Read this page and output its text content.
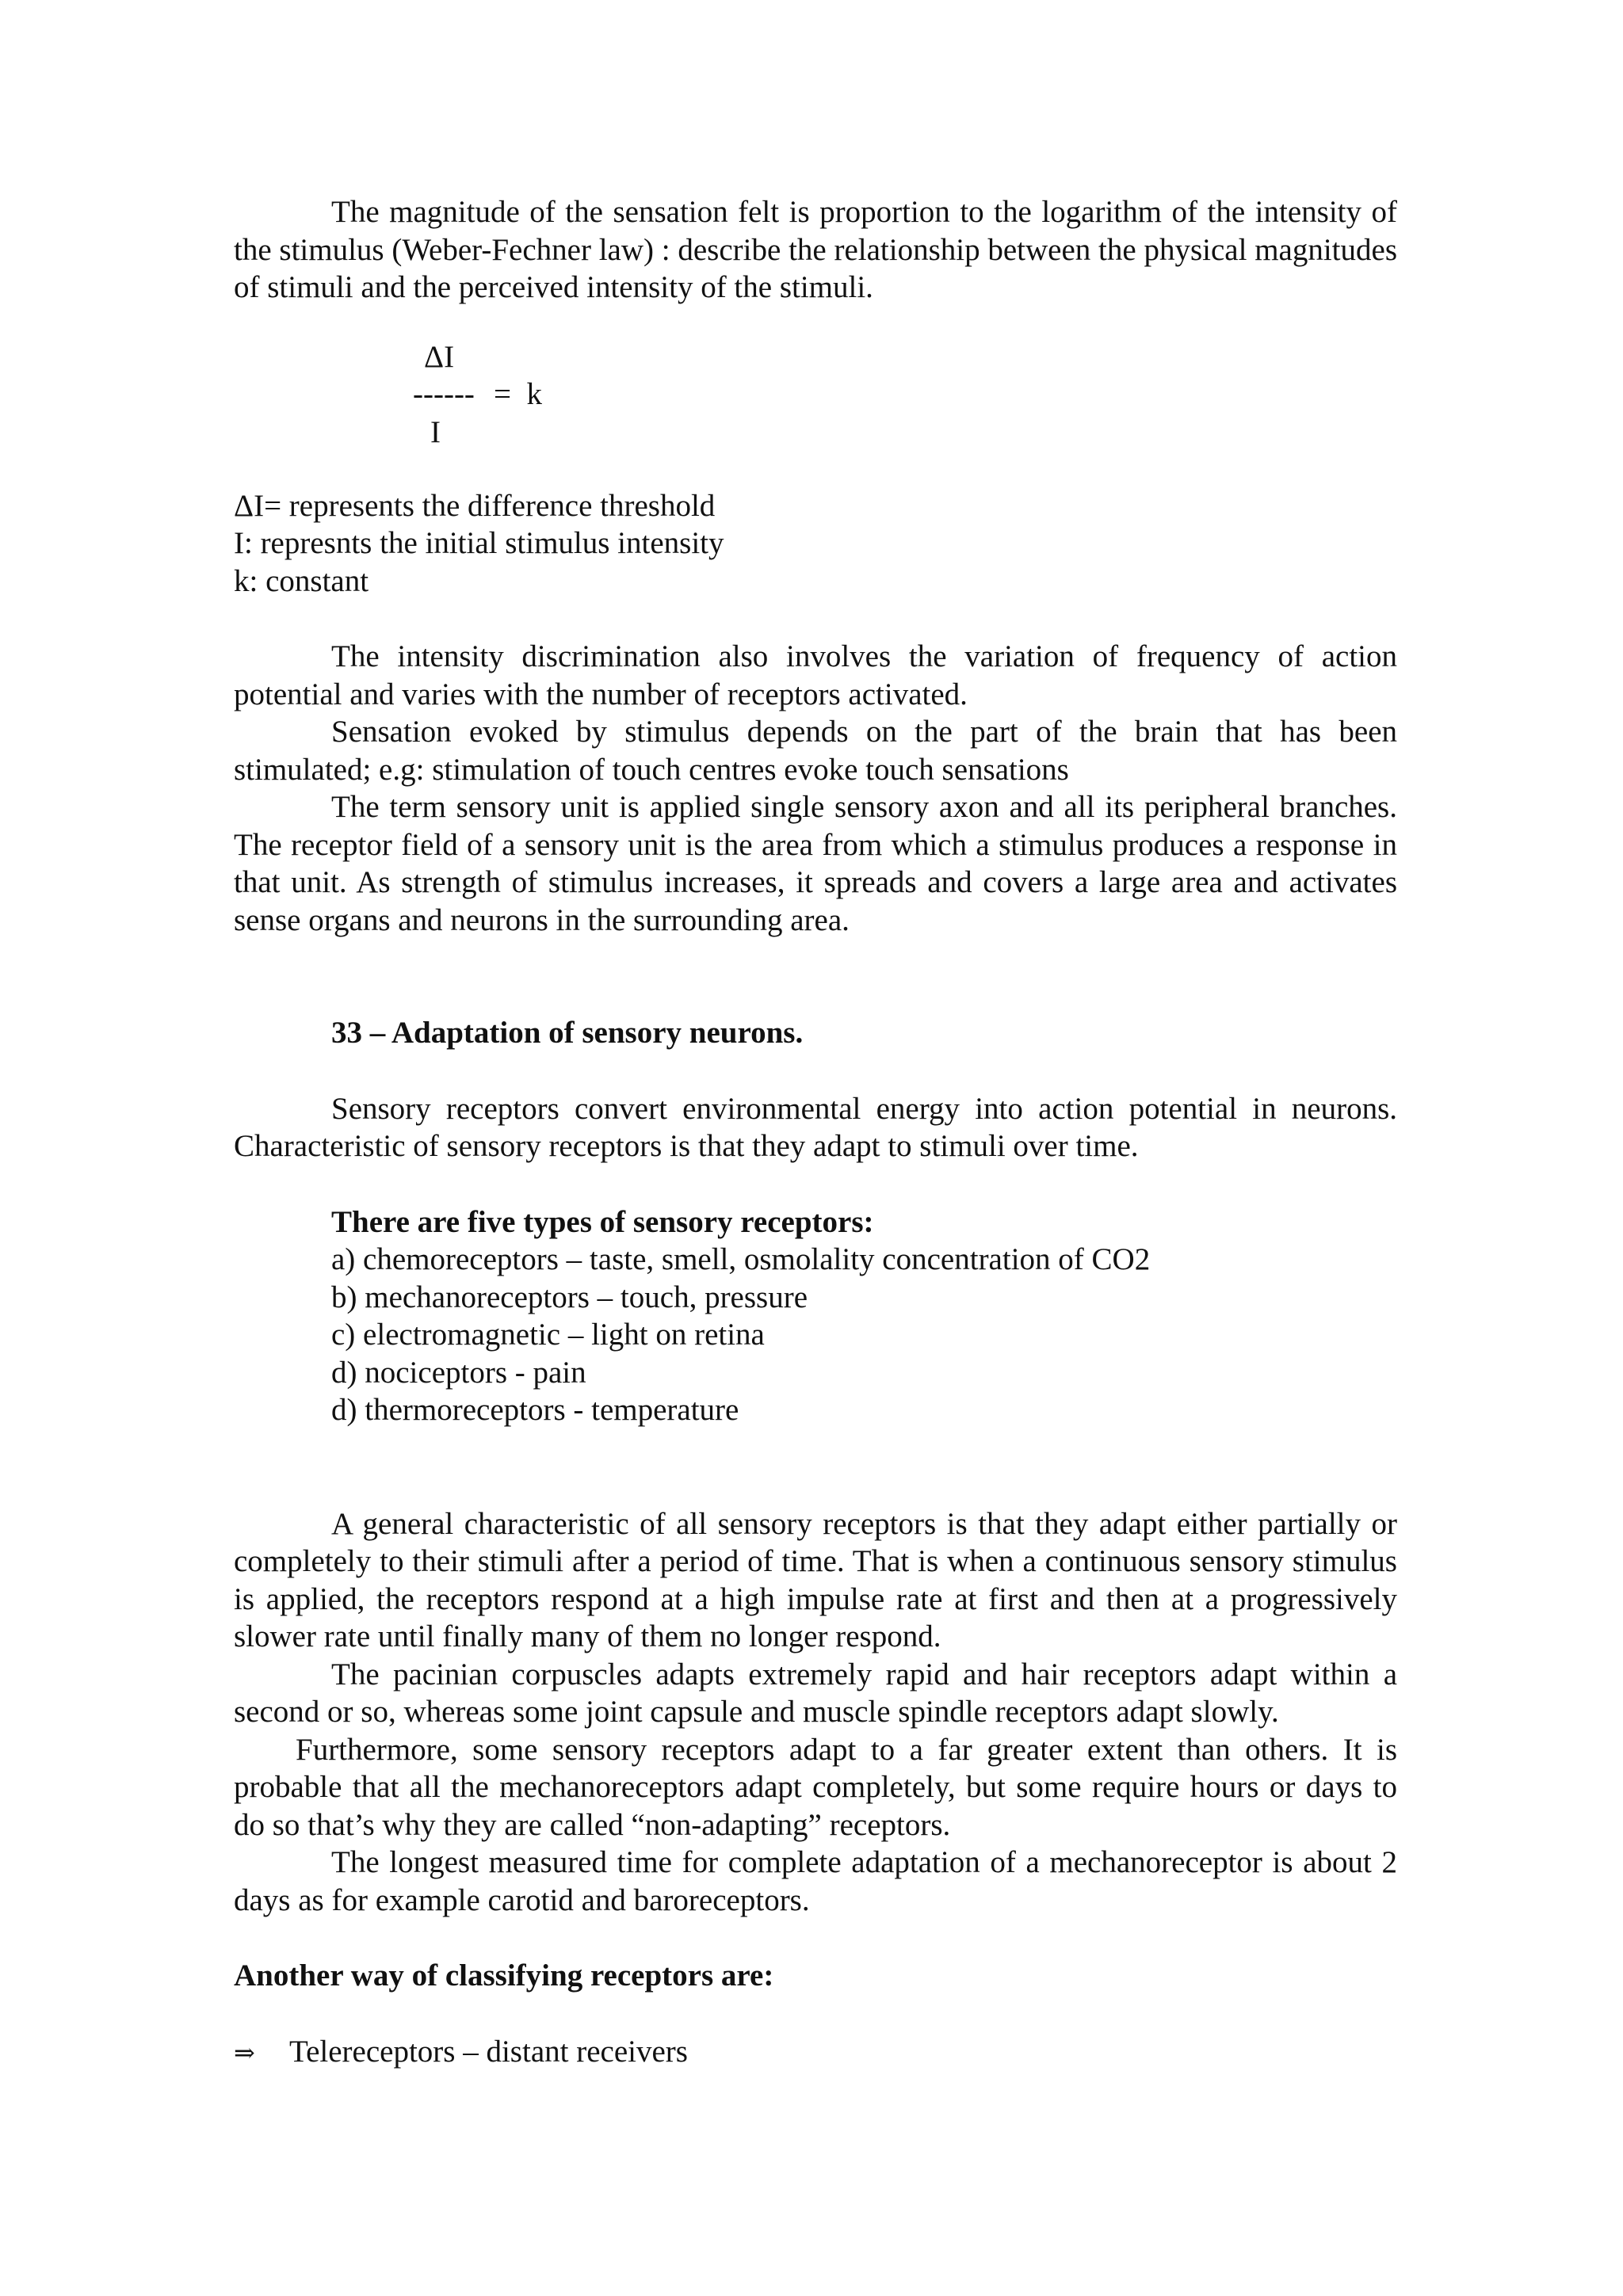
The magnitude of the sensation felt is proportion to the logarithm of the intensity of the stimulus (Weber-Fechner law) : describe the relationship between the physical magnitudes of stimuli and the perceived intensity of the stimuli.

ΔI
------ =  k
I

ΔI= represents the difference threshold

I: represnts the initial stimulus intensity

k: constant

The intensity discrimination also involves the variation of frequency of action potential and varies with the number of receptors activated.

Sensation evoked by stimulus depends on the part of the brain that has been stimulated; e.g: stimulation of touch centres evoke touch sensations

The term sensory unit is applied single sensory axon and all its peripheral branches. The receptor field of a sensory unit is the area from which a stimulus produces a response in that unit. As strength of stimulus increases, it spreads and covers a large area and activates sense organs and neurons in the surrounding area.

33 – Adaptation of sensory neurons.

Sensory receptors convert environmental energy into action potential in neurons. Characteristic of sensory receptors is that they adapt to stimuli over time.

There are five types of sensory receptors:

a) chemoreceptors – taste, smell, osmolality concentration of CO2

b) mechanoreceptors – touch, pressure

c) electromagnetic – light on retina

d) nociceptors - pain

d) thermoreceptors - temperature

A general characteristic of all sensory receptors is that they adapt either partially or completely to their stimuli after a period of time. That is when a continuous sensory stimulus is applied, the receptors respond at a high impulse rate at first and then at a progressively slower rate until finally many of them no longer respond.

The pacinian corpuscles adapts extremely rapid and hair receptors adapt within a second or so, whereas some joint capsule and muscle spindle receptors adapt slowly.

Furthermore, some sensory receptors adapt to a far greater extent than others. It is probable that all the mechanoreceptors adapt completely, but some require hours or days to do so that’s why they are called “non-adapting” receptors.

The longest measured time for complete adaptation of a mechanoreceptor is about 2 days as for example carotid and baroreceptors.

Another way of classifying receptors are:

⇒	Telereceptors – distant receivers
